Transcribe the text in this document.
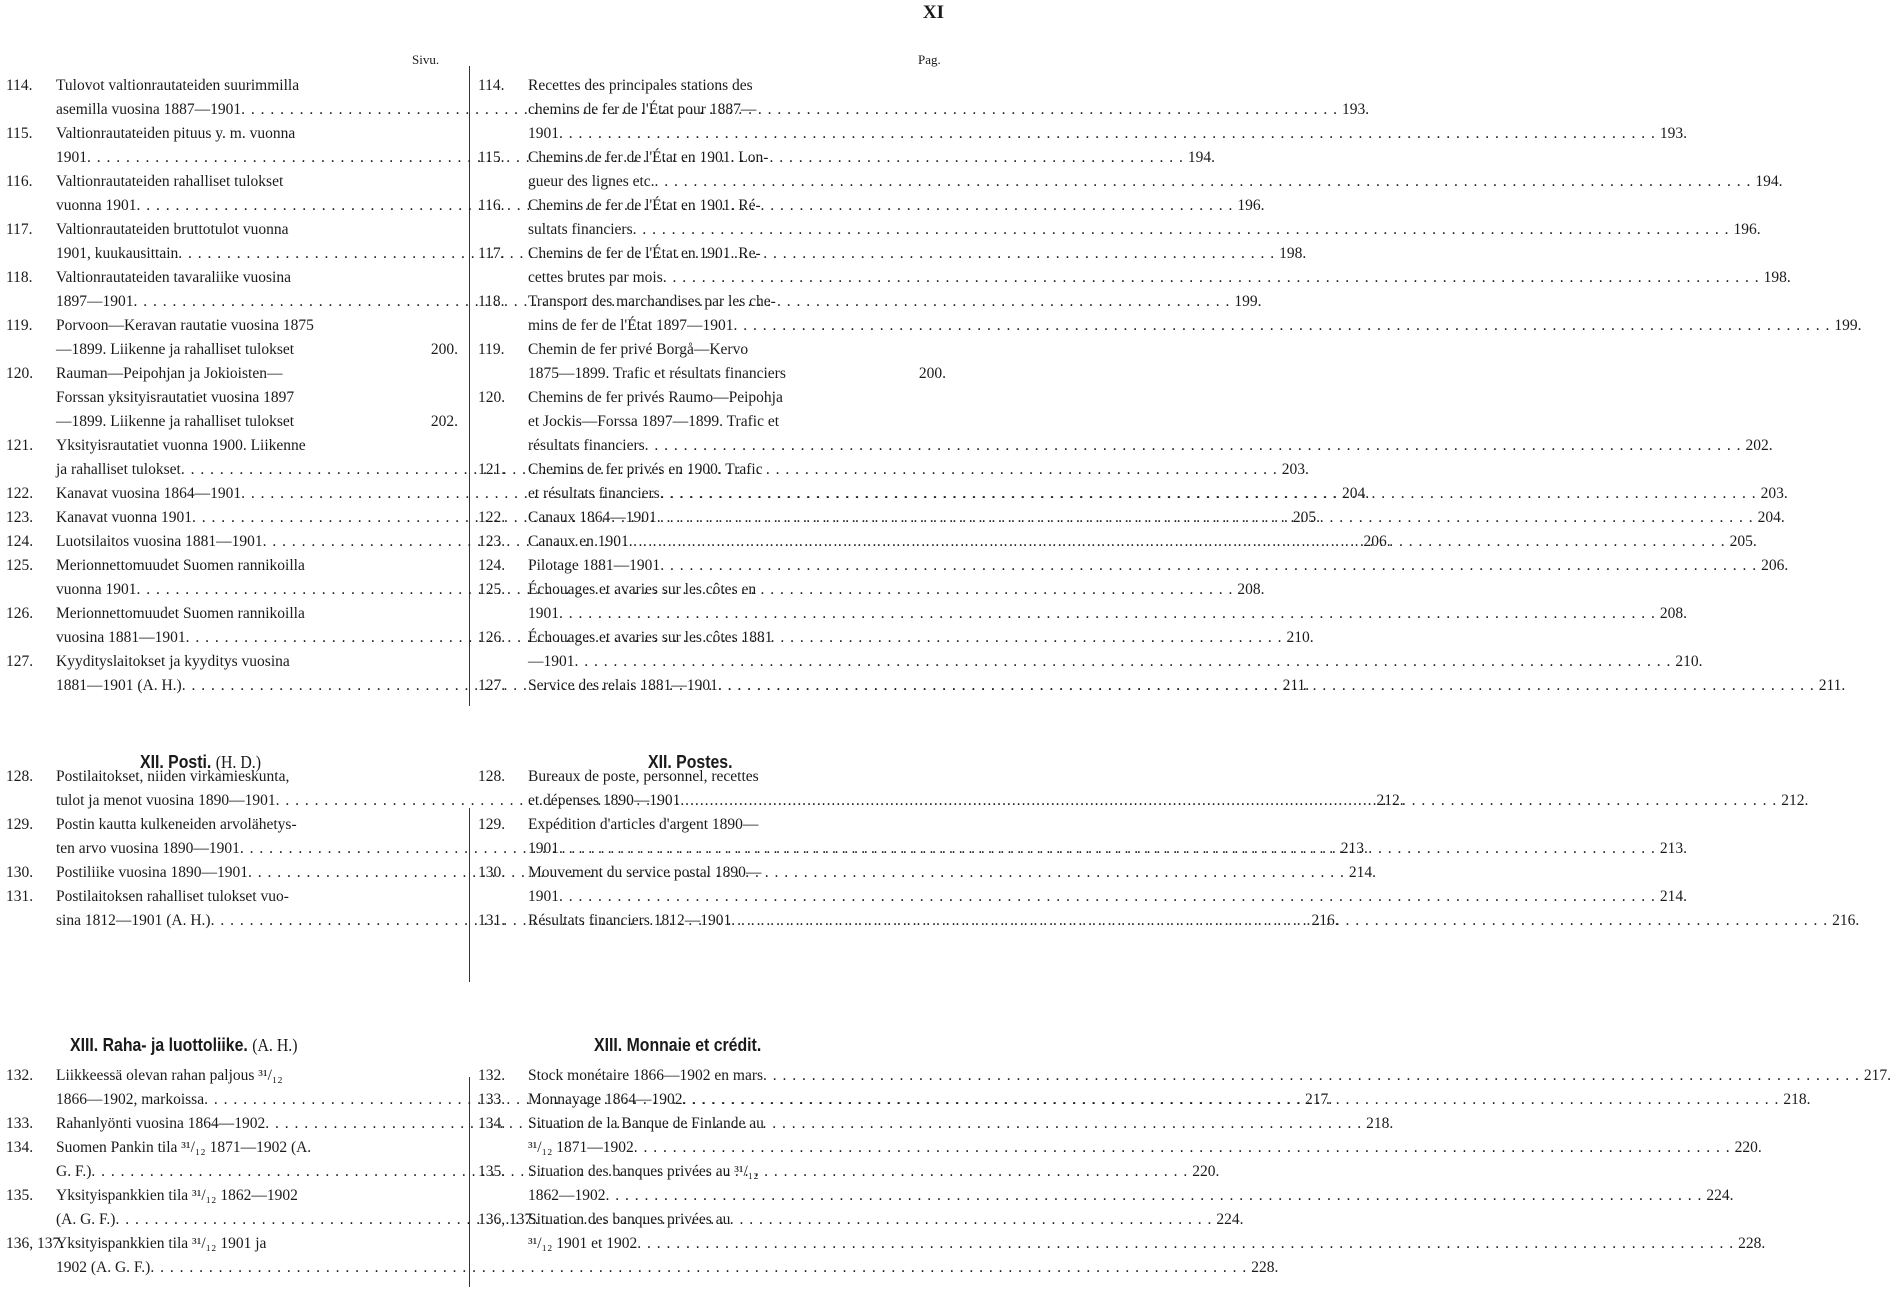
XI
Sivu.	Pag.
114.	Tulovot valtionrautateiden suurimmilla
asemilla vuosina 1887—1901	193.
. . .
115.	Valtionrautateiden pituus y. m. vuonna
1901	194.
. . .
116.	Valtionrautateiden rahalliset tulokset
vuonna 1901	196.
. . .
117.	Valtionrautateiden bruttotulot vuonna
1901, kuukausittain	198.
. . .
118.	Valtionrautateiden tavaraliike vuosina
1897—1901	199.
. . .
119.	Porvoon—Keravan rautatie vuosina 1875
—1899. Liikenne ja rahalliset tulokset	200.
120.	Rauman—Peipohjan ja Jokioisten—
Forssan yksityisrautatiet vuosina 1897
—1899. Liikenne ja rahalliset tulokset	202.
121.	Yksityisrautatiet vuonna 1900. Liikenne
ja rahalliset tulokset	203.
. . .
122.	Kanavat vuosina 1864—1901	204.
. . .
123.	Kanavat vuonna 1901	205.
. . .
124.	Luotsilaitos vuosina 1881—1901	206.
. . .
125.	Merionnettomuudet Suomen rannikoilla
vuonna 1901	208.
. . .
126.	Merionnettomuudet Suomen rannikoilla
vuosina 1881—1901	210.
. . .
127.	Kyydityslaitokset ja kyyditys vuosina
1881—1901 (A. H.)	211.
. . .
114.	Recettes des principales stations des
chemins de fer de l'État pour 1887—
1901	193.
. . .
115.	Chemins de fer de l'État en 1901. Lon-
gueur des lignes etc.	194.
. . .
116.	Chemins de fer de l'État en 1901. Ré-
sultats financiers	196.
. . .
117.	Chemins de fer de l'État en 1901. Re-
cettes brutes par mois	198.
. . .
118.	Transport des marchandises par les che-
mins de fer de l'État 1897—1901	199.
. . .
119.	Chemin de fer privé Borgå—Kervo
1875—1899. Trafic et résultats financiers	200.
120.	Chemins de fer privés Raumo—Peipohja
et Jockis—Forssa 1897—1899. Trafic et
résultats financiers	202.
. . .
121.	Chemins de fer privés en 1900. Trafic
et résultats financiers	203.
. . .
122.	Canaux 1864—1901	204.
. . .
123.	Canaux en 1901	205.
. . .
124.	Pilotage 1881—1901	206.
. . .
125.	Échouages et avaries sur les côtes en
1901	208.
. . .
126.	Échouages et avaries sur les côtes 1881
—1901	210.
. . .
127.	Service des relais 1881—1901	211.
. . .
XII. Posti. (H. D.)	XII. Postes.
128.	Postilaitokset, niiden virkamieskunta,
tulot ja menot vuosina 1890—1901	212.
. . .
129.	Postin kautta kulkeneiden arvolähetys-
ten arvo vuosina 1890—1901	213.
. . .
130.	Postiliike vuosina 1890—1901	214.
. . .
131.	Postilaitoksen rahalliset tulokset vuo-
sina 1812—1901 (A. H.)	216.
. . .
128.	Bureaux de poste, personnel, recettes
et dépenses 1890—1901	212.
. . .
129.	Expédition d'articles d'argent 1890—
1901	213.
. . .
130.	Mouvement du service postal 1890—
1901	214.
. . .
131.	Résultats financiers 1812—1901	216.
. . .
XIII. Raha- ja luottoliike. (A. H.)	XIII. Monnaie et crédit.
132.	Liikkeessä olevan rahan paljous ³¹/₁₂
1866—1902, markoissa	217.
. . .
133.	Rahanlyönti vuosina 1864—1902	218.
. . .
134.	Suomen Pankin tila ³¹/₁₂ 1871—1902 (A.
G. F.)	220.
. . .
135.	Yksityispankkien tila ³¹/₁₂ 1862—1902
(A. G. F.)	224.
. . .
136, 137.
Yksityispankkien tila ³¹/₁₂ 1901 ja
1902 (A. G. F.)	228.
. . .
132.	Stock monétaire 1866—1902 en mars	217.
. . .
133.	Monnayage 1864—1902	218.
. . .
134.	Situation de la Banque de Finlande au
³¹/₁₂ 1871—1902	220.
. . .
135.	Situation des banques privées au ³¹/₁₂
1862—1902	224.
. . .
136, 137.
Situation des banques privées au
³¹/₁₂ 1901 et 1902	228.
. . .
